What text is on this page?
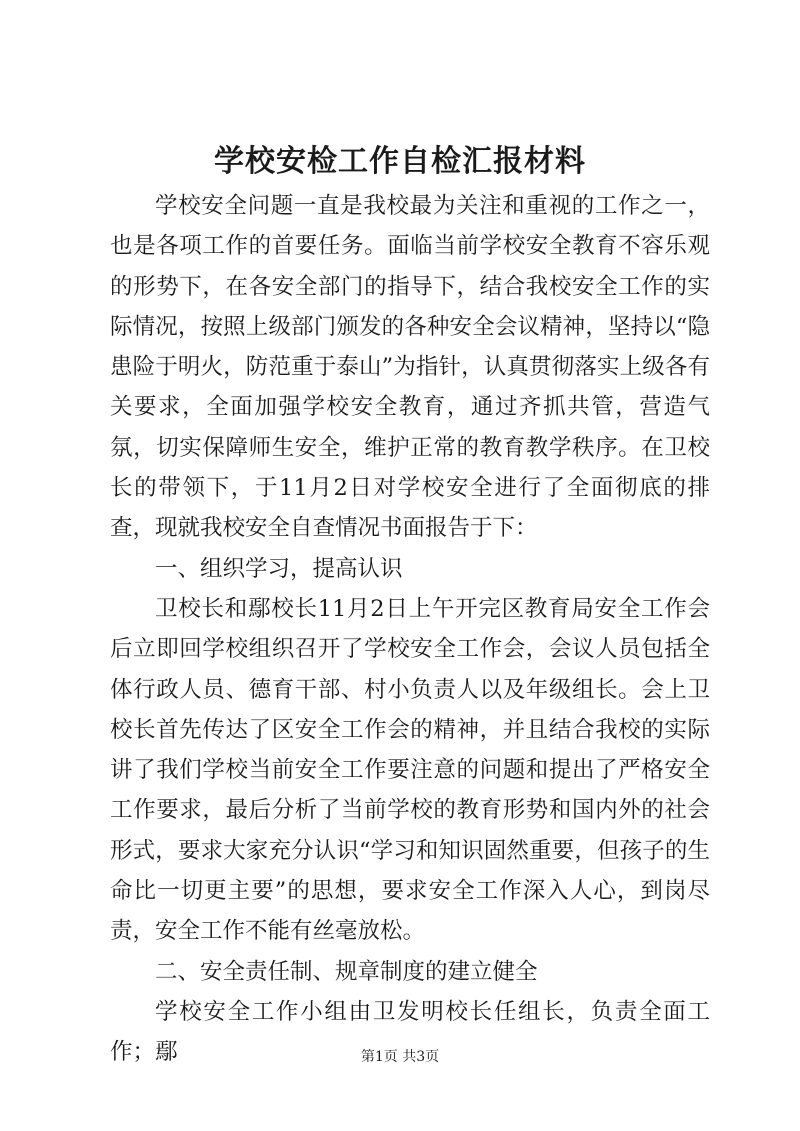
学校安检工作自检汇报材料

学校安全问题一直是我校最为关注和重视的工作之一，也是各项工作的首要任务。面临当前学校安全教育不容乐观的形势下，在各安全部门的指导下，结合我校安全工作的实际情况，按照上级部门颁发的各种安全会议精神，坚持以“隐患险于明火，防范重于泰山”为指针，认真贯彻落实上级各有关要求，全面加强学校安全教育，通过齐抓共管，营造气氛，切实保障师生安全，维护正常的教育教学秩序。在卫校长的带领下，于11月2日对学校安全进行了全面彻底的排查，现就我校安全自查情况书面报告于下：

一、组织学习，提高认识

卫校长和鄢校长11月2日上午开完区教育局安全工作会后立即回学校组织召开了学校安全工作会，会议人员包括全体行政人员、德育干部、村小负责人以及年级组长。会上卫校长首先传达了区安全工作会的精神，并且结合我校的实际讲了我们学校当前安全工作要注意的问题和提出了严格安全工作要求，最后分析了当前学校的教育形势和国内外的社会形式，要求大家充分认识“学习和知识固然重要，但孩子的生命比一切更主要”的思想，要求安全工作深入人心，到岗尽责，安全工作不能有丝毫放松。

二、安全责任制、规章制度的建立健全

学校安全工作小组由卫发明校长任组长，负责全面工作；鄢	第1页 共3页
